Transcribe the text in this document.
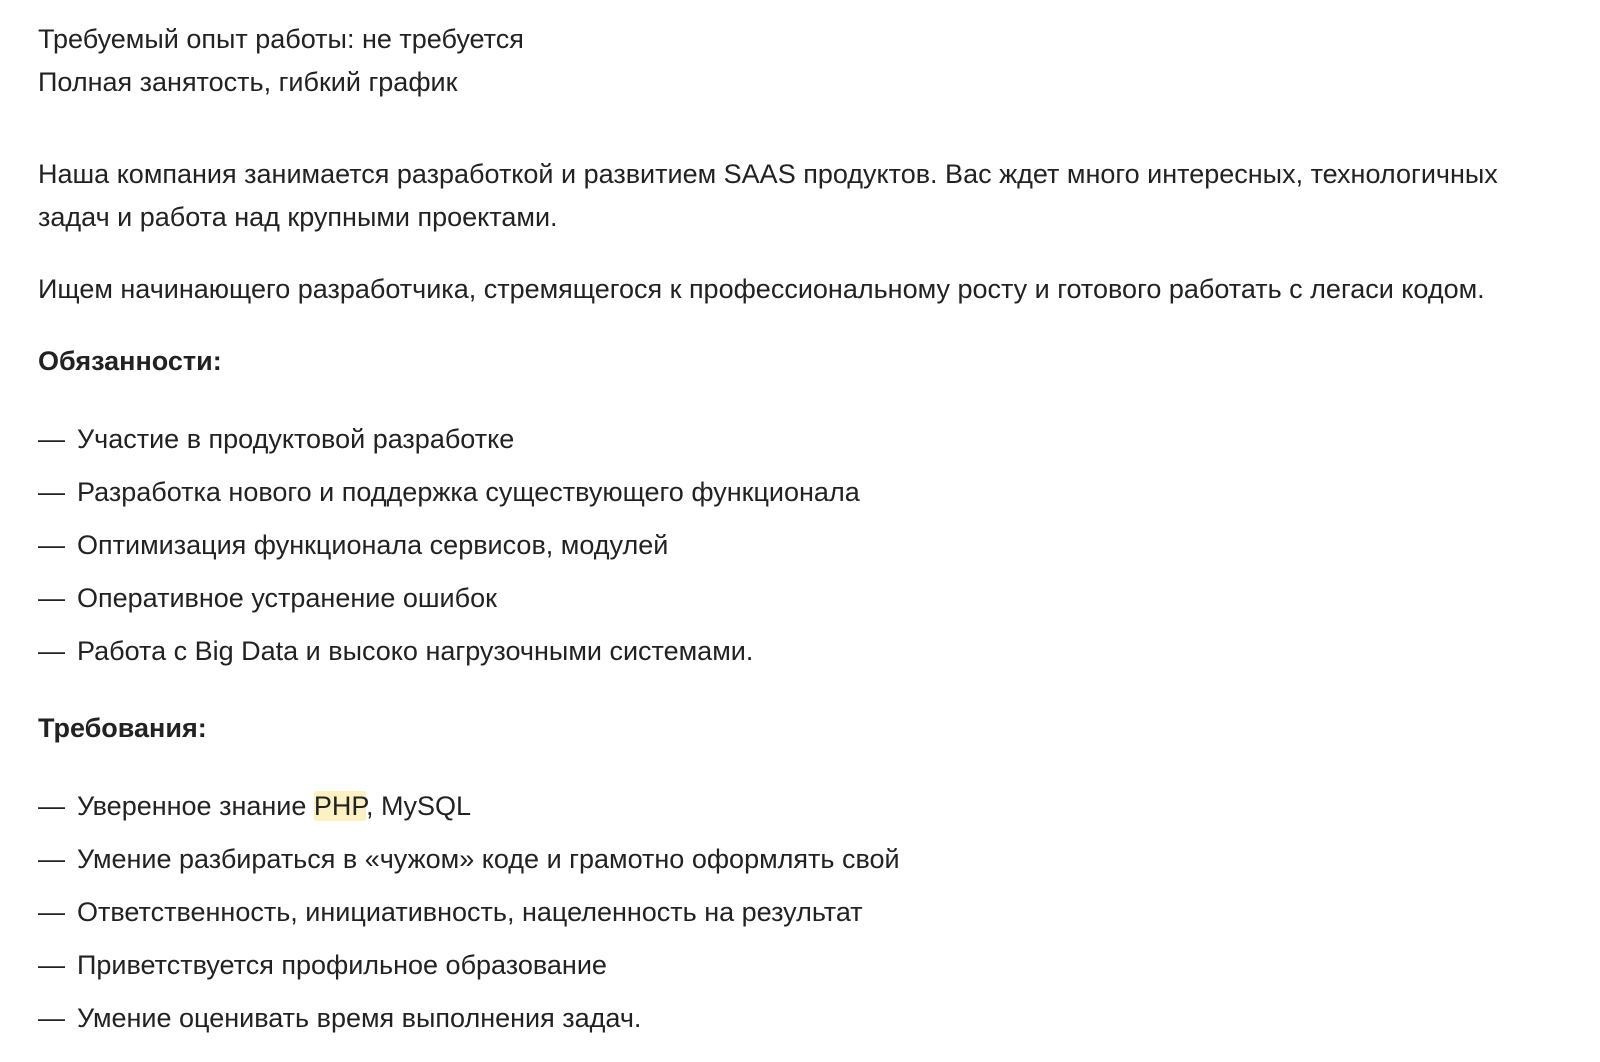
Требуемый опыт работы: не требуется

Полная занятость, гибкий график

Наша компания занимается разработкой и развитием SAAS продуктов. Вас ждет много интересных, технологичных задач и работа над крупными проектами.

Ищем начинающего разработчика, стремящегося к профессиональному росту и готового работать с легаси кодом.

Обязанности:

— Участие в продуктовой разработке
— Разработка нового и поддержка существующего функционала
— Оптимизация функционала сервисов, модулей
— Оперативное устранение ошибок
— Работа с Big Data и высоко нагрузочными системами.

Требования:

— Уверенное знание PHP, MySQL
— Умение разбираться в «чужом» коде и грамотно оформлять свой
— Ответственность, инициативность, нацеленность на результат
— Приветствуется профильное образование
— Умение оценивать время выполнения задач.
